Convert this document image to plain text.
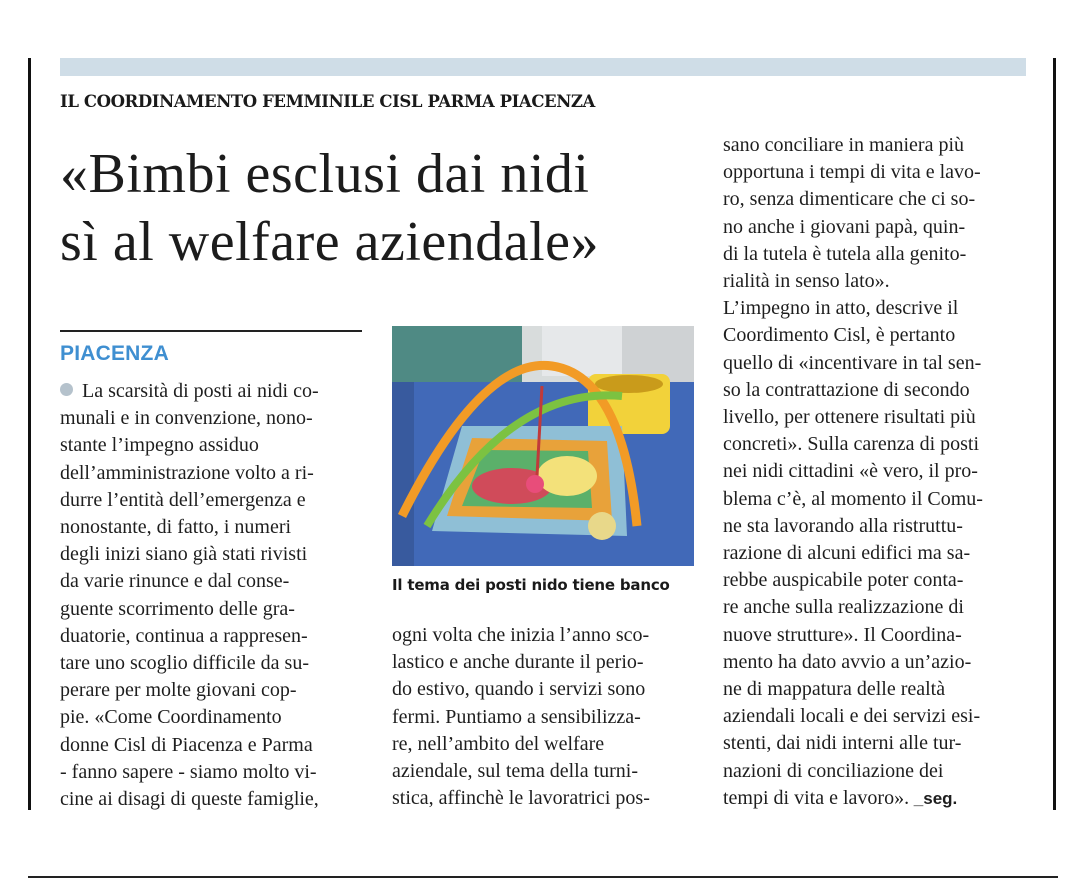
IL COORDINAMENTO FEMMINILE CISL PARMA PIACENZA
«Bimbi esclusi dai nidi
sì al welfare aziendale»
PIACENZA
La scarsità di posti ai nidi co-
munali e in convenzione, nono-
stante l’impegno assiduo
dell’amministrazione volto a ri-
durre l’entità dell’emergenza e
nonostante, di fatto, i numeri
degli inizi siano già stati rivisti
da varie rinunce e dal conse-
guente scorrimento delle gra-
duatorie, continua a rappresen-
tare uno scoglio difficile da su-
perare per molte giovani cop-
pie. «Come Coordinamento
donne Cisl di Piacenza e Parma
- fanno sapere - siamo molto vi-
cine ai disagi di queste famiglie,
Il tema dei posti nido tiene banco
ogni volta che inizia l’anno sco-
lastico e anche durante il perio-
do estivo, quando i servizi sono
fermi. Puntiamo a sensibilizza-
re, nell’ambito del welfare
aziendale, sul tema della turni-
stica, affinchè le lavoratrici pos-
sano conciliare in maniera più
opportuna i tempi di vita e lavo-
ro, senza dimenticare che ci so-
no anche i giovani papà, quin-
di la tutela è tutela alla genito-
rialità in senso lato».
L’impegno in atto, descrive il
Coordimento Cisl, è pertanto
quello di «incentivare in tal sen-
so la contrattazione di secondo
livello, per ottenere risultati più
concreti». Sulla carenza di posti
nei nidi cittadini «è vero, il pro-
blema c’è, al momento il Comu-
ne sta lavorando alla ristruttu-
razione di alcuni edifici ma sa-
rebbe auspicabile poter conta-
re anche sulla realizzazione di
nuove strutture». Il Coordina-
mento ha dato avvio a un’azio-
ne di mappatura delle realtà
aziendali locali e dei servizi esi-
stenti, dai nidi interni alle tur-
nazioni di conciliazione dei
tempi di vita e lavoro». _seg.
